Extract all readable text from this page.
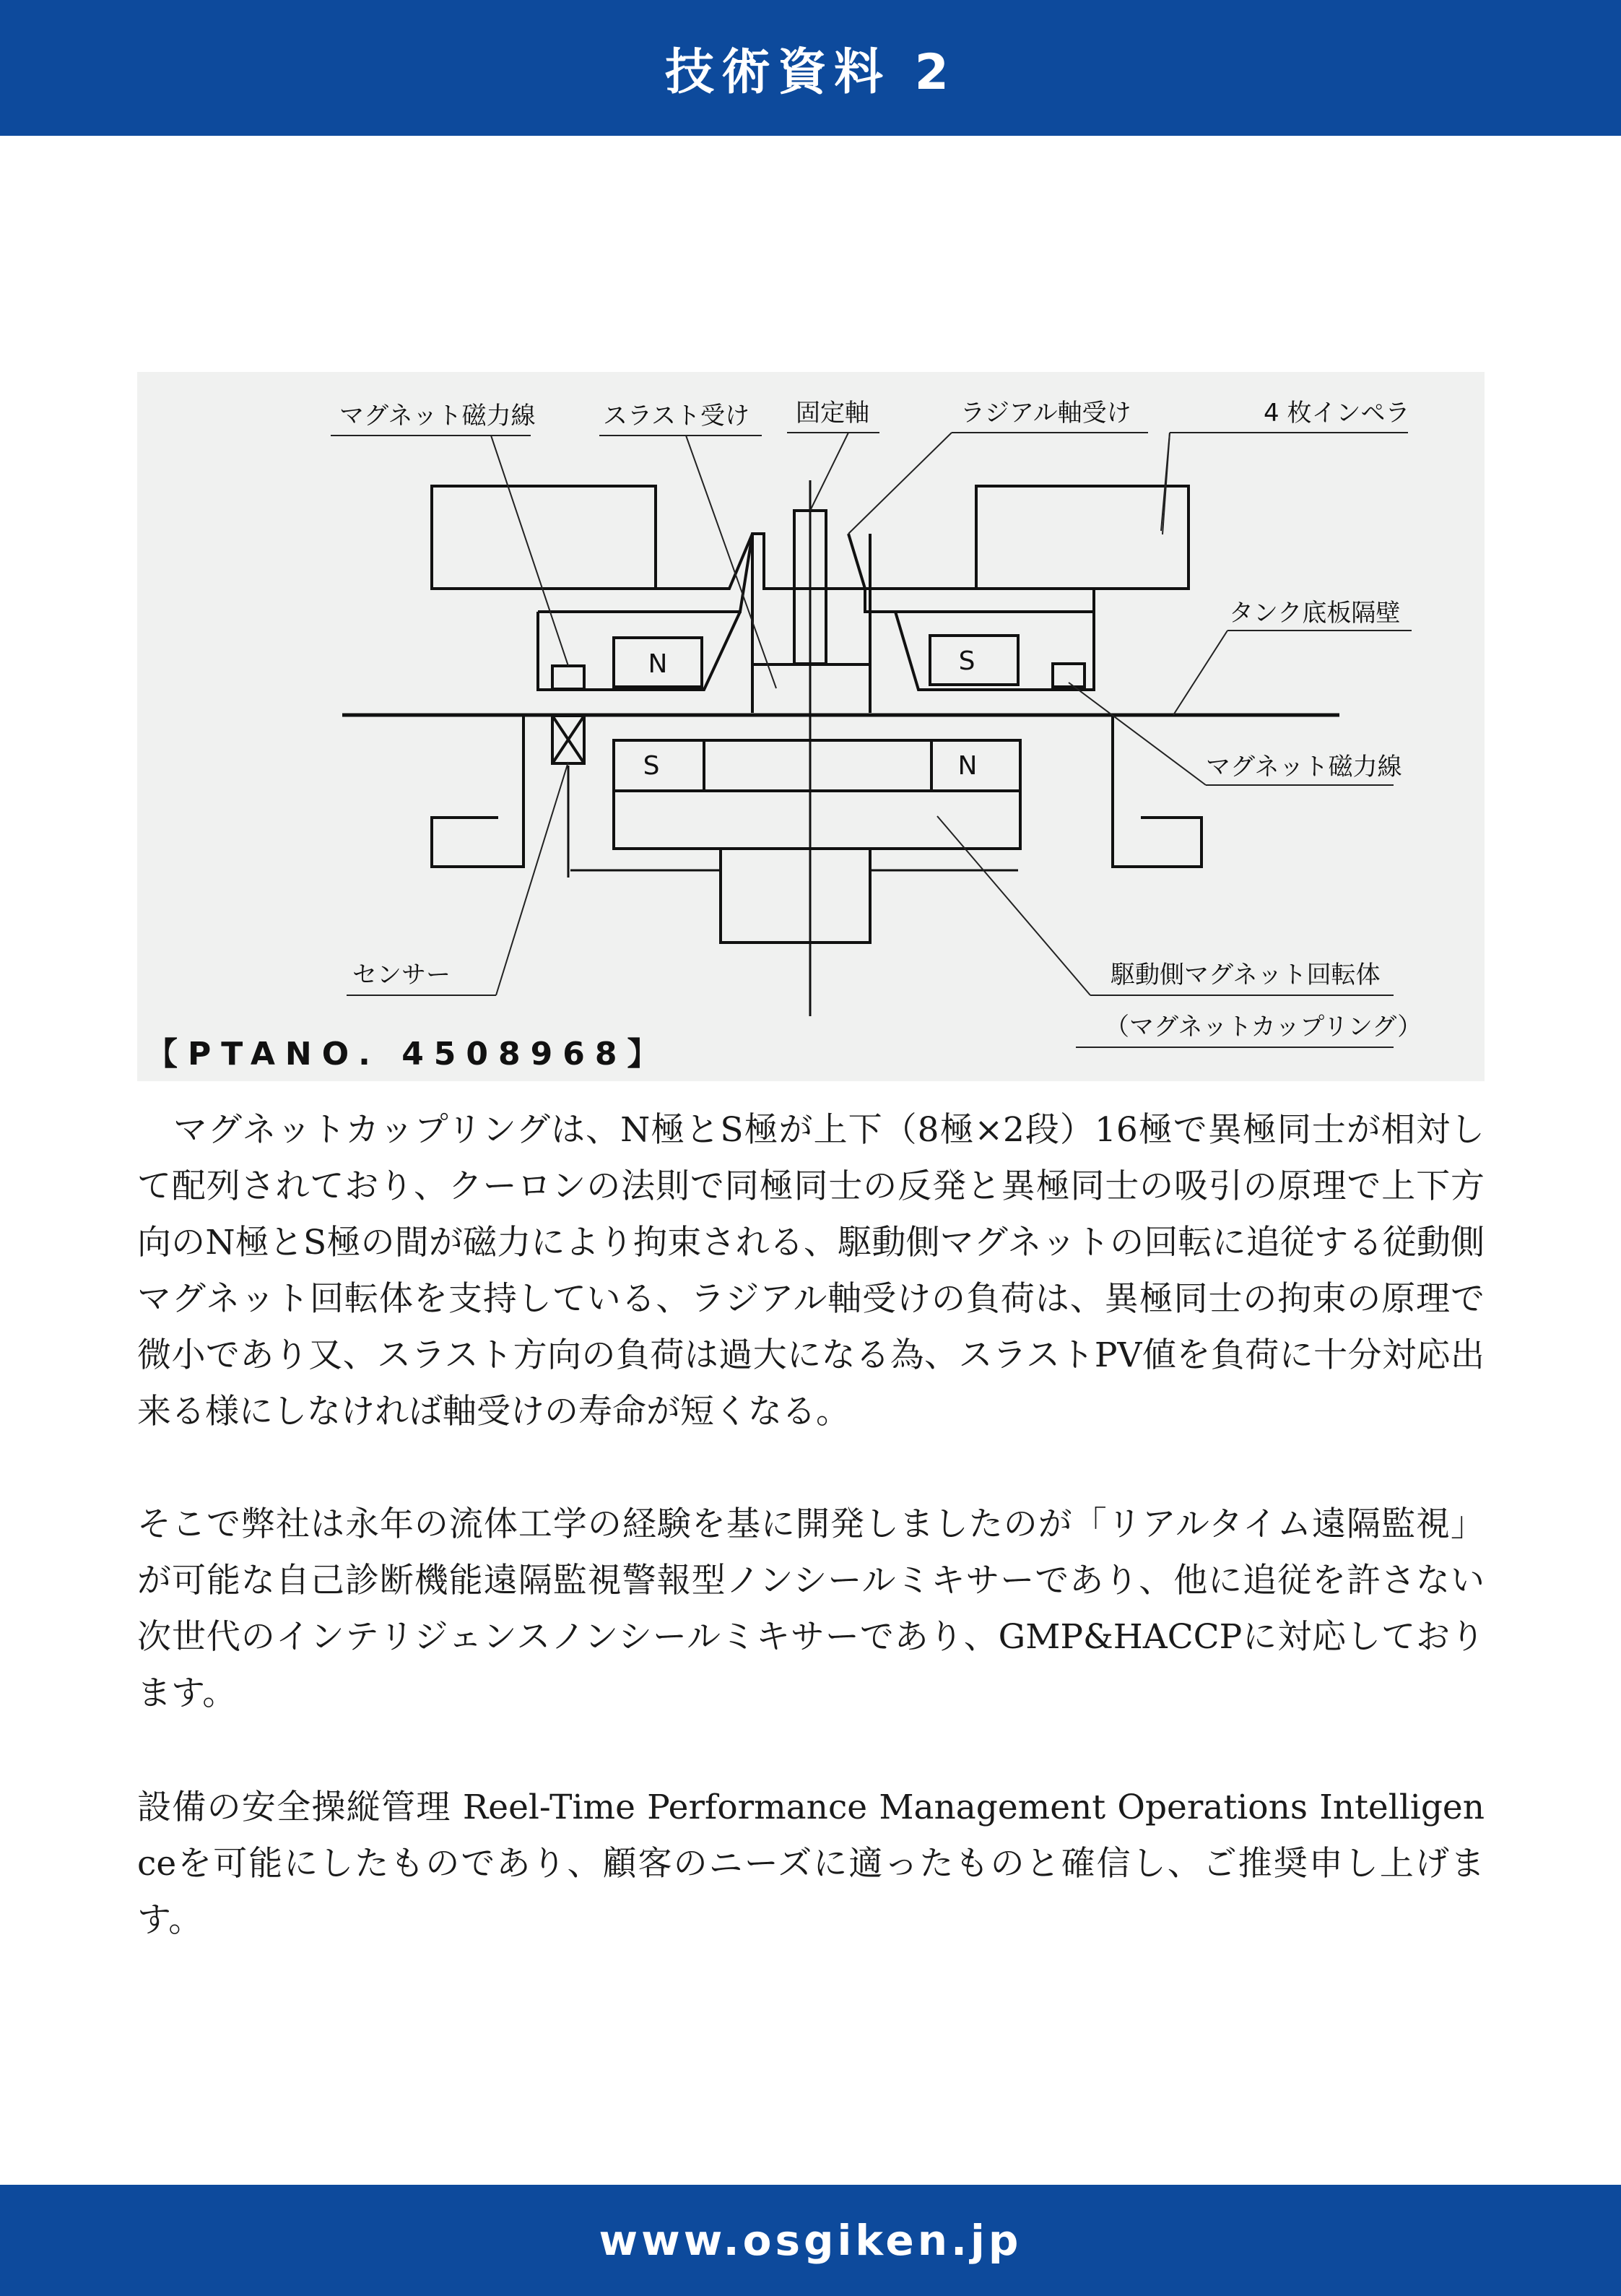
技術資料 2
マグネット磁力線	スラスト受け 固定軸	ラジアル軸受け	4 枚インペラ
タンク底板隔壁
マグネット磁力線
センサー	駆動側マグネット回転体
（マグネットカップリング）
N	S
S	N
【PTANO. 4508968】

マグネットカップリングは、N極とS極が上下（8極×2段）16極で異極同士が相対して配列されており、クーロンの法則で同極同士の反発と異極同士の吸引の原理で上下方向のN極とS極の間が磁力により拘束される、駆動側マグネットの回転に追従する従動側マグネット回転体を支持している、ラジアル軸受けの負荷は、異極同士の拘束の原理で微小であり又、スラスト方向の負荷は過大になる為、スラストPV値を負荷に十分対応出来る様にしなければ軸受けの寿命が短くなる。

そこで弊社は永年の流体工学の経験を基に開発しましたのが「リアルタイム遠隔監視」が可能な自己診断機能遠隔監視警報型ノンシールミキサーであり、他に追従を許さない次世代のインテリジェンスノンシールミキサーであり、GMP&HACCPに対応しております。

設備の安全操縦管理 Reel-Time Performance Management Operations Intelligenceを可能にしたものであり、顧客のニーズに適ったものと確信し、ご推奨申し上げます。

www.osgiken.jp
